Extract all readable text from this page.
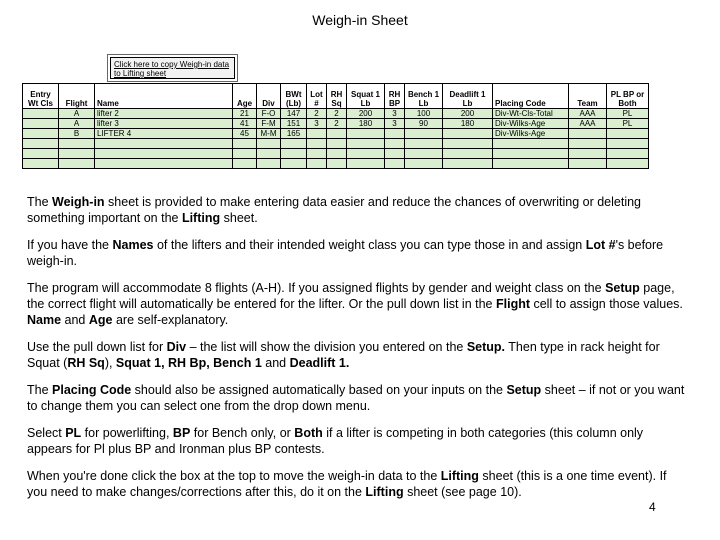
Weigh-in Sheet
Click here to copy Weigh-in data to Lifting sheet
Entry Wt Cls	Flight	Name	Age	Div	BWt (Lb)	Lot #	RH Sq	Squat 1 Lb	RH BP	Bench 1 Lb	Deadlift 1 Lb	Placing Code	Team	PL BP or Both
	A	lifter 2	21	F-O	147	2	2	200	3	100	200	Div-Wt-Cls-Total	AAA	PL
	A	lifter 3	41	F-M	151	3	2	180	3	90	180	Div-Wilks-Age	AAA	PL
	B	LIFTER 4	45	M-M	165							Div-Wilks-Age		

The Weigh-in sheet is provided to make entering data easier and reduce the chances of overwriting or deleting something important on the Lifting sheet.

If you have the Names of the lifters and their intended weight class you can type those in and assign Lot #'s before weigh-in.

The program will accommodate 8 flights (A-H). If you assigned flights by gender and weight class on the Setup page, the correct flight will automatically be entered for the lifter. Or the pull down list in the Flight cell to assign those values. Name and Age are self-explanatory.

Use the pull down list for Div – the list will show the division you entered on the Setup. Then type in rack height for Squat (RH Sq), Squat 1, RH Bp, Bench 1 and Deadlift 1.

The Placing Code should also be assigned automatically based on your inputs on the Setup sheet – if not or you want to change them you can select one from the drop down menu.

Select PL for powerlifting, BP for Bench only, or Both if a lifter is competing in both categories (this column only appears for Pl plus BP and Ironman plus BP contests.

When you're done click the box at the top to move the weigh-in data to the Lifting sheet (this is a one time event). If you need to make changes/corrections after this, do it on the Lifting sheet (see page 10).

4
